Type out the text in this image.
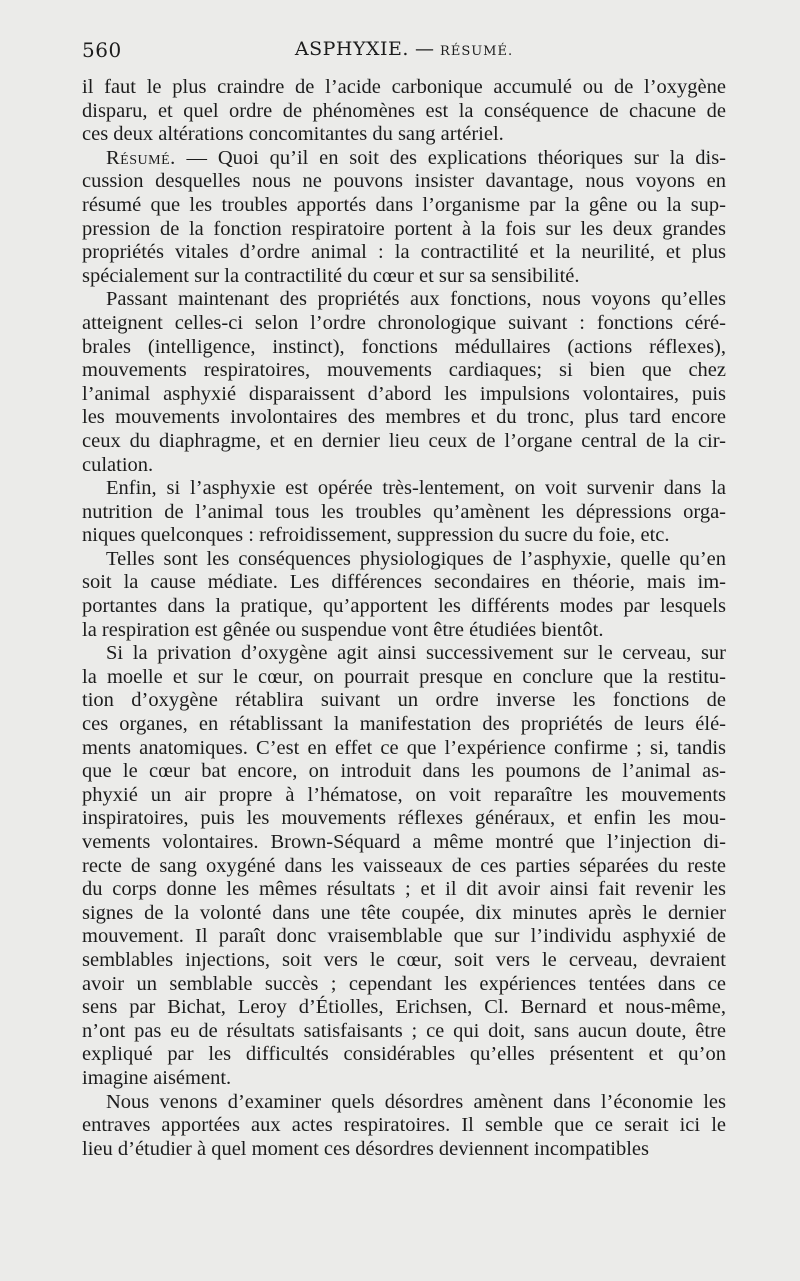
560	ASPHYXIE. — RÉSUMÉ.
il faut le plus craindre de l’acide carbonique accumulé ou de l’oxygène
disparu, et quel ordre de phénomènes est la conséquence de chacune de
ces deux altérations concomitantes du sang artériel.
Résumé. — Quoi qu’il en soit des explications théoriques sur la dis-
cussion desquelles nous ne pouvons insister davantage, nous voyons en
résumé que les troubles apportés dans l’organisme par la gêne ou la sup-
pression de la fonction respiratoire portent à la fois sur les deux grandes
propriétés vitales d’ordre animal : la contractilité et la neurilité, et plus
spécialement sur la contractilité du cœur et sur sa sensibilité.
Passant maintenant des propriétés aux fonctions, nous voyons qu’elles
atteignent celles-ci selon l’ordre chronologique suivant : fonctions céré-
brales (intelligence, instinct), fonctions médullaires (actions réflexes),
mouvements respiratoires, mouvements cardiaques; si bien que chez
l’animal asphyxié disparaissent d’abord les impulsions volontaires, puis
les mouvements involontaires des membres et du tronc, plus tard encore
ceux du diaphragme, et en dernier lieu ceux de l’organe central de la cir-
culation.
Enfin, si l’asphyxie est opérée très-lentement, on voit survenir dans la
nutrition de l’animal tous les troubles qu’amènent les dépressions orga-
niques quelconques : refroidissement, suppression du sucre du foie, etc.
Telles sont les conséquences physiologiques de l’asphyxie, quelle qu’en
soit la cause médiate. Les différences secondaires en théorie, mais im-
portantes dans la pratique, qu’apportent les différents modes par lesquels
la respiration est gênée ou suspendue vont être étudiées bientôt.
Si la privation d’oxygène agit ainsi successivement sur le cerveau, sur
la moelle et sur le cœur, on pourrait presque en conclure que la restitu-
tion d’oxygène rétablira suivant un ordre inverse les fonctions de
ces organes, en rétablissant la manifestation des propriétés de leurs élé-
ments anatomiques. C’est en effet ce que l’expérience confirme ; si, tandis
que le cœur bat encore, on introduit dans les poumons de l’animal as-
phyxié un air propre à l’hématose, on voit reparaître les mouvements
inspiratoires, puis les mouvements réflexes généraux, et enfin les mou-
vements volontaires. Brown-Séquard a même montré que l’injection di-
recte de sang oxygéné dans les vaisseaux de ces parties séparées du reste
du corps donne les mêmes résultats ; et il dit avoir ainsi fait revenir les
signes de la volonté dans une tête coupée, dix minutes après le dernier
mouvement. Il paraît donc vraisemblable que sur l’individu asphyxié de
semblables injections, soit vers le cœur, soit vers le cerveau, devraient
avoir un semblable succès ; cependant les expériences tentées dans ce
sens par Bichat, Leroy d’Étiolles, Erichsen, Cl. Bernard et nous-même,
n’ont pas eu de résultats satisfaisants ; ce qui doit, sans aucun doute, être
expliqué par les difficultés considérables qu’elles présentent et qu’on
imagine aisément.
Nous venons d’examiner quels désordres amènent dans l’économie les
entraves apportées aux actes respiratoires. Il semble que ce serait ici le
lieu d’étudier à quel moment ces désordres deviennent incompatibles
